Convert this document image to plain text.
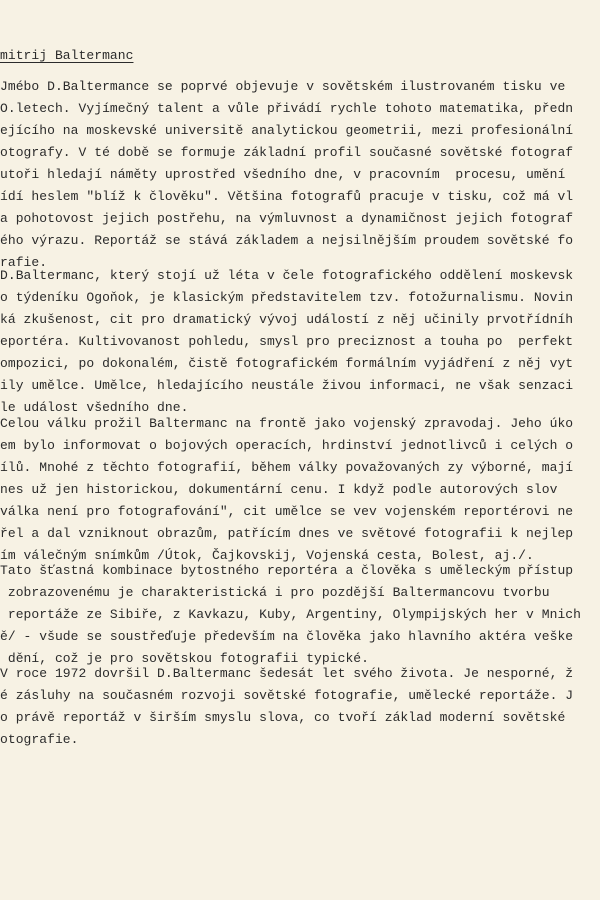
mitrij Baltermanc
Jmébo D.Baltermance se poprvé objevuje v sovětském ilustrovaném tisku ve
O.letech. Vyjímečný talent a vůle přivádí rychle tohoto matematika, předn
ejícího na moskevské universitě analytickou geometrii, mezi profesionální
otografy. V té době se formuje základní profil současné sovětské fotograf
utoři hledají náměty uprostřed všedního dne, v pracovním  procesu, umění
ídí heslem "blíž k člověku". Většina fotografů pracuje v tisku, což má vl
a pohotovost jejich postřehu, na výmluvnost a dynamičnost jejich fotograf
ého výrazu. Reportáž se stává základem a nejsilnějším proudem sovětské fo
rafie.
D.Baltermanc, který stojí už léta v čele fotografického oddělení moskevsk
o týdeníku Ogoňok, je klasickým představitelem tzv. fotožurnalismu. Novin
ká zkušenost, cit pro dramatický vývoj událostí z něj učinily prvotřídníh
eportéra. Kultivovanost pohledu, smysl pro preciznost a touha po  perfekt
ompozici, po dokonalém, čistě fotografickém formálním vyjádření z něj vyt
ily umělce. Umělce, hledajícího neustále živou informaci, ne však senzaci
le událost všedního dne.
Celou válku prožil Baltermanc na frontě jako vojenský zpravodaj. Jeho úko
em bylo informovat o bojových operacích, hrdinství jednotlivců i celých o
ílů. Mnohé z těchto fotografií, během války považovaných zy výborné, mají
nes už jen historickou, dokumentární cenu. I když podle autorových slov
válka není pro fotografování", cit umělce se vev vojenském reportérovi ne
řel a dal vzniknout obrazům, patřícím dnes ve světové fotografii k nejlep
ím válečným snímkům /Útok, Čajkovskij, Vojenská cesta, Bolest, aj./.
Tato šťastná kombinace bytostného reportéra a člověka s uměleckým přístup
zobrazovenému je charakteristická i pro pozdější Baltermancovu tvorbu
reportáže ze Sibiře, z Kavkazu, Kuby, Argentiny, Olympijských her v Mnich
ě/ - všude se soustřeďuje především na člověka jako hlavního aktéra veške
dění, což je pro sovětskou fotografii typické.
V roce 1972 dovršil D.Baltermanc šedesát let svého života. Je nesporné, ž
é zásluhy na současném rozvoji sovětské fotografie, umělecké reportáže. J
o právě reportáž v širším smyslu slova, co tvoří základ moderní sovětské
otografie.
